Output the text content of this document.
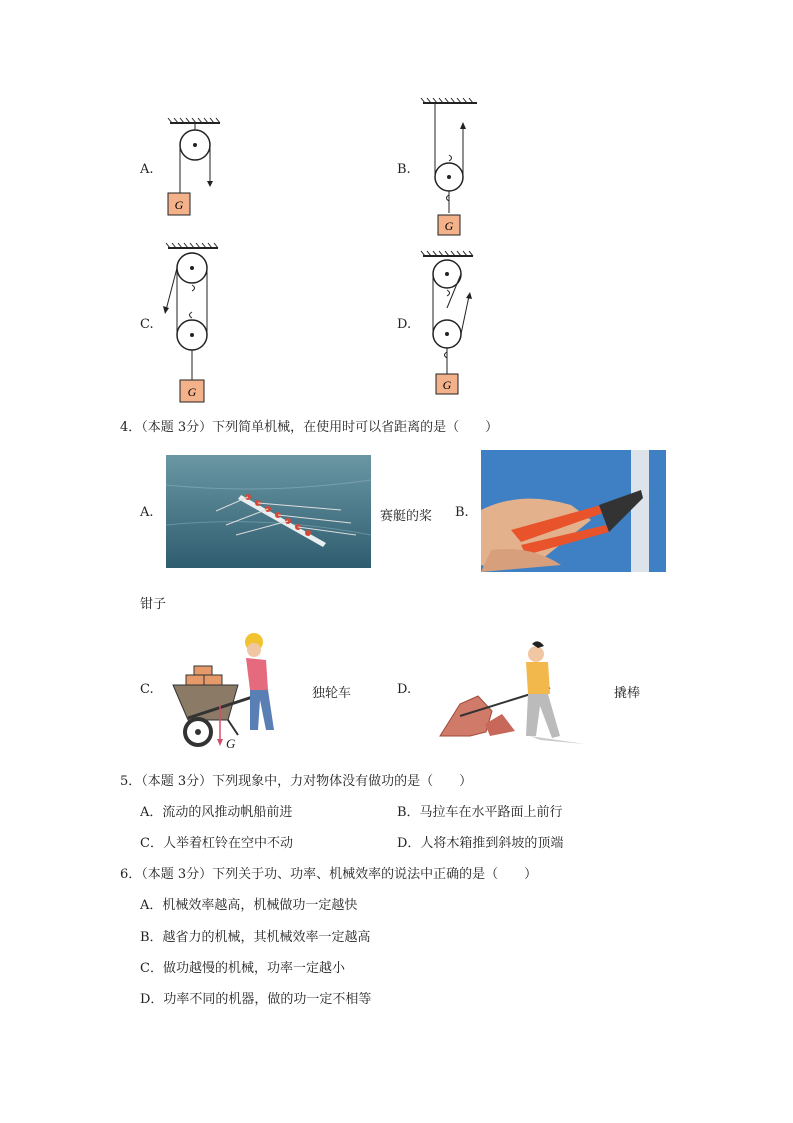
A.
G
B.
G
C.
G
D.
G
4．（本题 3分）下列简单机械，在使用时可以省距离的是（　　）
A.	赛艇的桨 B.
钳子
C.
G
独轮车	D.	撬棒
5．（本题 3分）下列现象中，力对物体没有做功的是（　　）
A．流动的风推动帆船前进	B．马拉车在水平路面上前行
C．人举着杠铃在空中不动	D．人将木箱推到斜坡的顶端
6．（本题 3分）下列关于功、功率、机械效率的说法中正确的是（　　）
A．机械效率越高，机械做功一定越快
B．越省力的机械，其机械效率一定越高
C．做功越慢的机械，功率一定越小
D．功率不同的机器，做的功一定不相等
